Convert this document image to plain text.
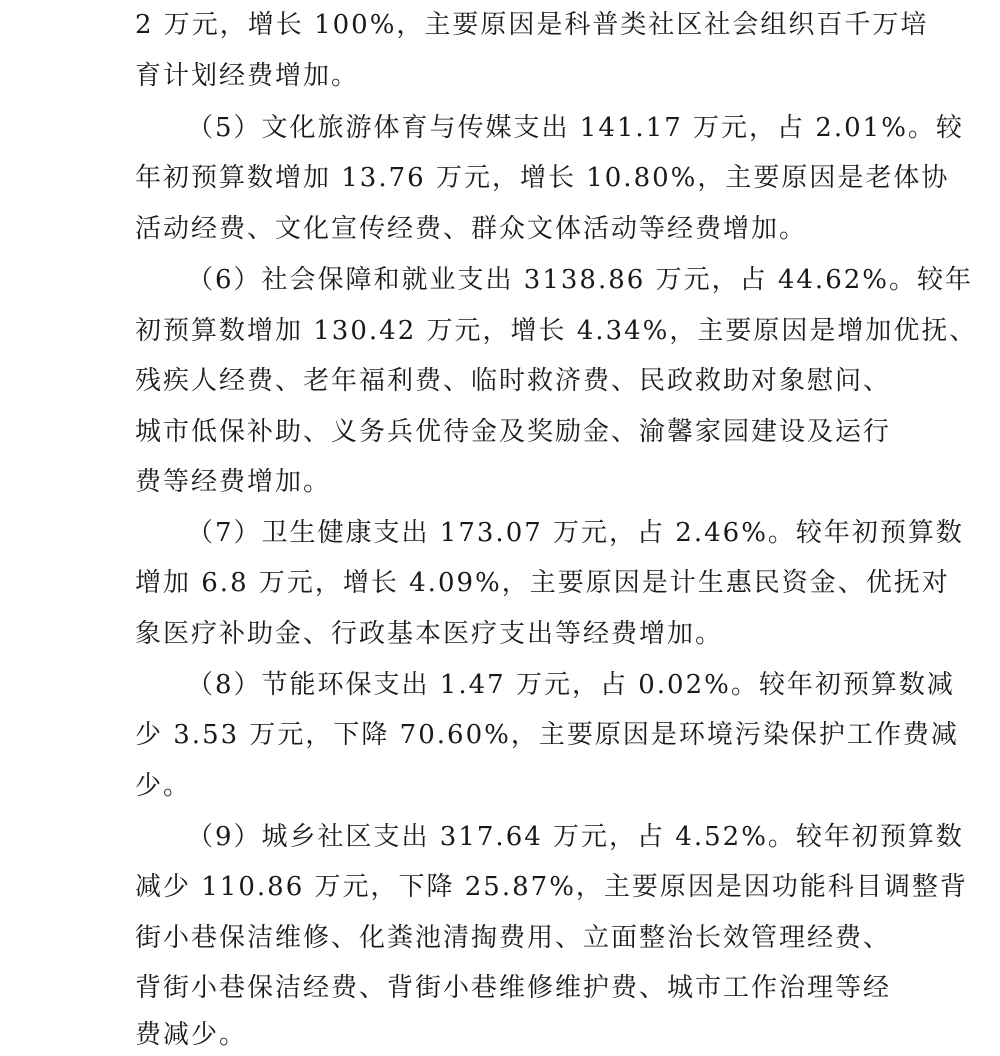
2 万元，增长 100%，主要原因是科普类社区社会组织百千万培
育计划经费增加。
（5）文化旅游体育与传媒支出 141.17 万元，占 2.01%。较
年初预算数增加 13.76 万元，增长 10.80%，主要原因是老体协
活动经费、文化宣传经费、群众文体活动等经费增加。
（6）社会保障和就业支出 3138.86 万元，占 44.62%。较年
初预算数增加 130.42 万元，增长 4.34%，主要原因是增加优抚、
残疾人经费、老年福利费、临时救济费、民政救助对象慰问、
城市低保补助、义务兵优待金及奖励金、渝馨家园建设及运行
费等经费增加。
（7）卫生健康支出 173.07 万元，占 2.46%。较年初预算数
增加 6.8 万元，增长 4.09%，主要原因是计生惠民资金、优抚对
象医疗补助金、行政基本医疗支出等经费增加。
（8）节能环保支出 1.47 万元，占 0.02%。较年初预算数减
少 3.53 万元，下降 70.60%，主要原因是环境污染保护工作费减
少。
（9）城乡社区支出 317.64 万元，占 4.52%。较年初预算数
减少 110.86 万元，下降 25.87%，主要原因是因功能科目调整背
街小巷保洁维修、化粪池清掏费用、立面整治长效管理经费、
背街小巷保洁经费、背街小巷维修维护费、城市工作治理等经
费减少。
